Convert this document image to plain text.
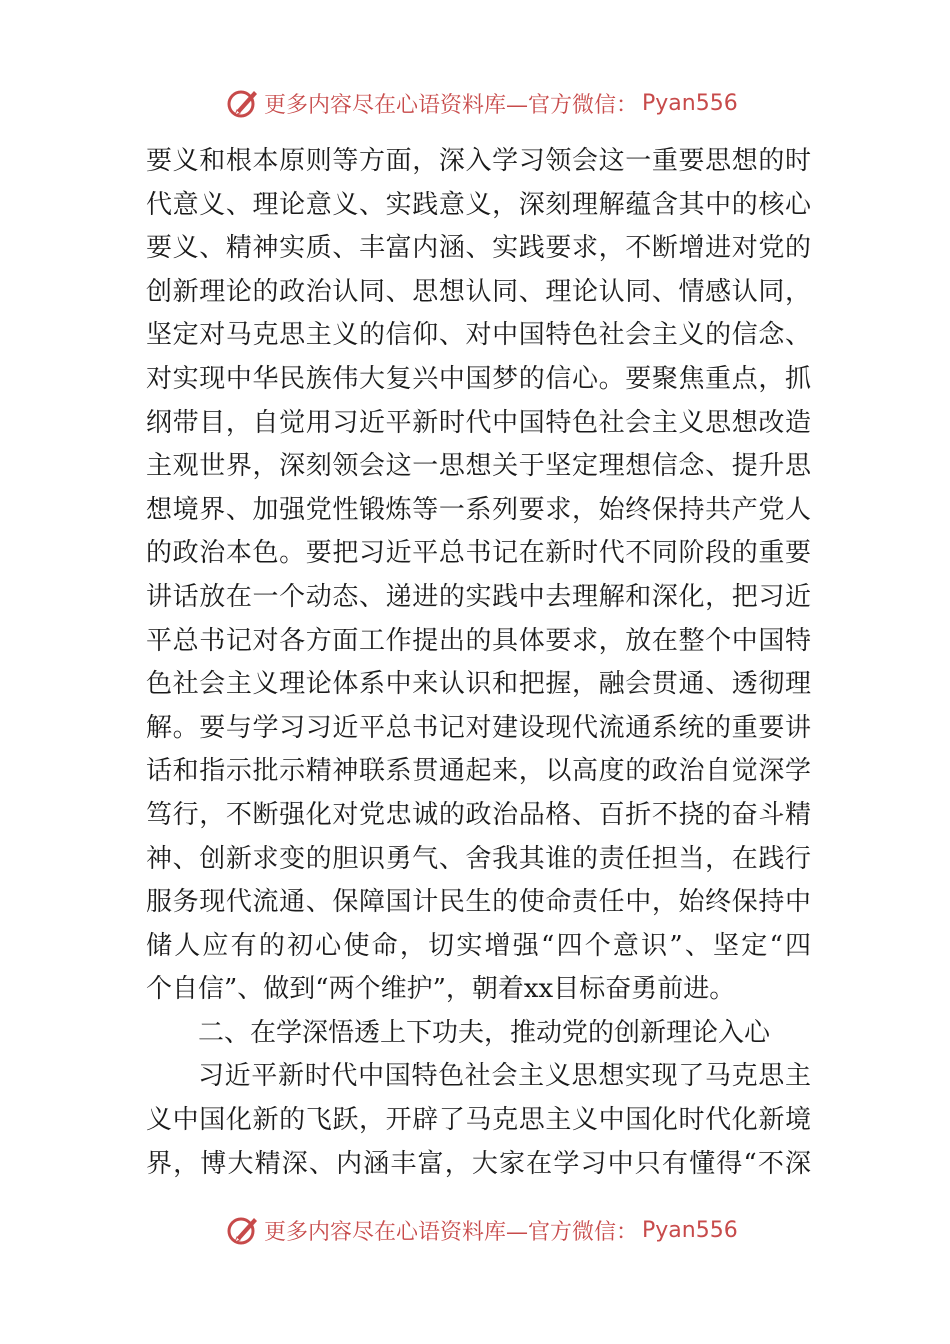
更多内容尽在心语资料库—官方微信： Pyan556
要义和根本原则等方面，深入学习领会这一重要思想的时
代意义、理论意义、实践意义，深刻理解蕴含其中的核心
要义、精神实质、丰富内涵、实践要求，不断增进对党的
创新理论的政治认同、思想认同、理论认同、情感认同，
坚定对马克思主义的信仰、对中国特色社会主义的信念、
对实现中华民族伟大复兴中国梦的信心。要聚焦重点，抓
纲带目，自觉用习近平新时代中国特色社会主义思想改造
主观世界，深刻领会这一思想关于坚定理想信念、提升思
想境界、加强党性锻炼等一系列要求，始终保持共产党人
的政治本色。要把习近平总书记在新时代不同阶段的重要
讲话放在一个动态、递进的实践中去理解和深化，把习近
平总书记对各方面工作提出的具体要求，放在整个中国特
色社会主义理论体系中来认识和把握，融会贯通、透彻理
解。要与学习习近平总书记对建设现代流通系统的重要讲
话和指示批示精神联系贯通起来，以高度的政治自觉深学
笃行，不断强化对党忠诚的政治品格、百折不挠的奋斗精
神、创新求变的胆识勇气、舍我其谁的责任担当，在践行
服务现代流通、保障国计民生的使命责任中，始终保持中
储人应有的初心使命，切实增强“四个意识”、坚定“四
个自信”、做到“两个维护”，朝着xx目标奋勇前进。
二、在学深悟透上下功夫，推动党的创新理论入心
习近平新时代中国特色社会主义思想实现了马克思主
义中国化新的飞跃，开辟了马克思主义中国化时代化新境
界，博大精深、内涵丰富，大家在学习中只有懂得“不深
更多内容尽在心语资料库—官方微信： Pyan556
